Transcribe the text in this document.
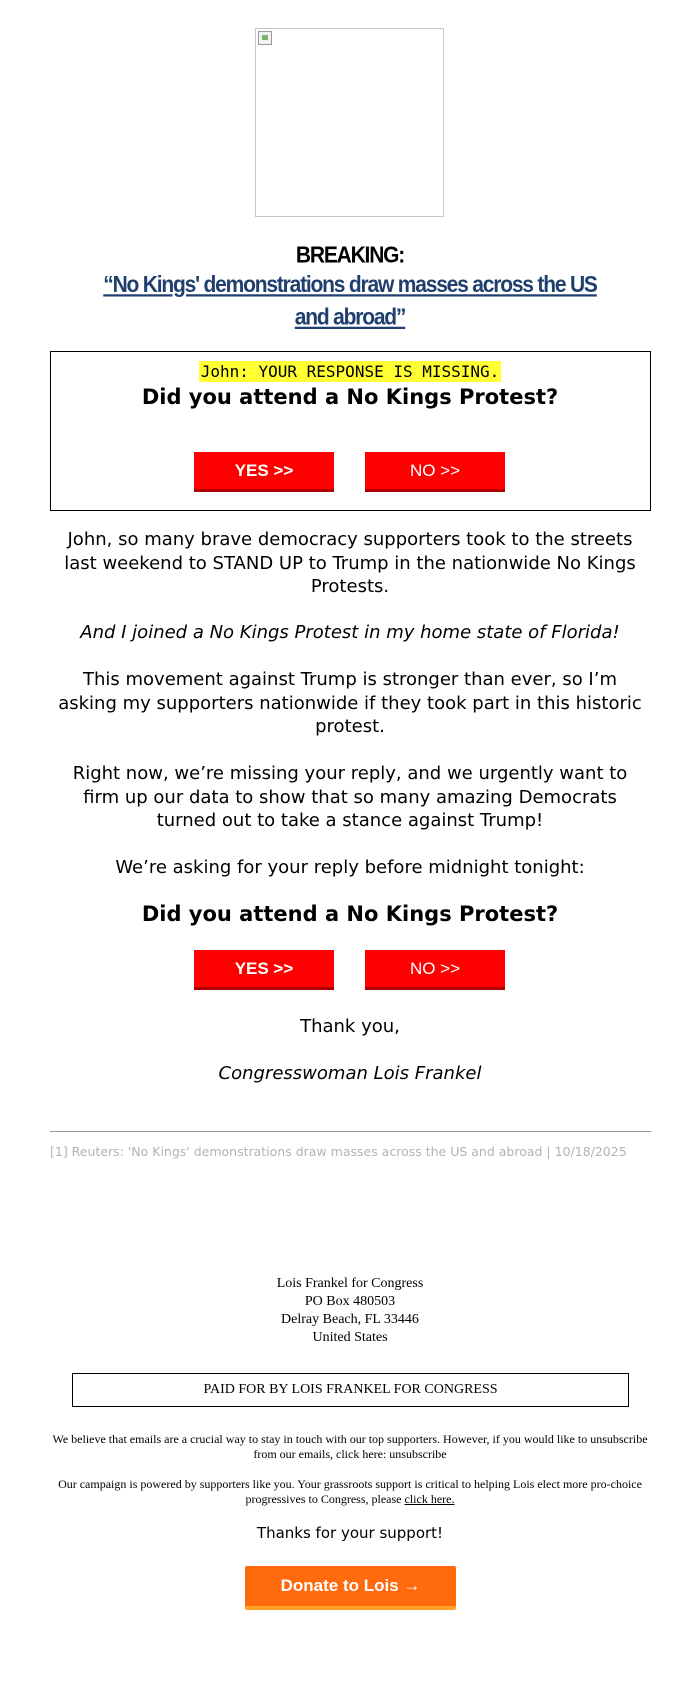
BREAKING:
“No Kings' demonstrations draw masses across the US and abroad”
John: YOUR RESPONSE IS MISSING.
Did you attend a No Kings Protest?
YES >>	NO >>
John, so many brave democracy supporters took to the streets last weekend to STAND UP to Trump in the nationwide No Kings Protests.
And I joined a No Kings Protest in my home state of Florida!
This movement against Trump is stronger than ever, so I’m asking my supporters nationwide if they took part in this historic protest.
Right now, we’re missing your reply, and we urgently want to firm up our data to show that so many amazing Democrats turned out to take a stance against Trump!
We’re asking for your reply before midnight tonight:
Did you attend a No Kings Protest?
YES >>	NO >>
Thank you,
Congresswoman Lois Frankel
[1] Reuters: 'No Kings' demonstrations draw masses across the US and abroad | 10/18/2025
Lois Frankel for Congress
PO Box 480503
Delray Beach, FL 33446
United States
PAID FOR BY LOIS FRANKEL FOR CONGRESS
We believe that emails are a crucial way to stay in touch with our top supporters. However, if you would like to unsubscribe from our emails, click here: unsubscribe
Our campaign is powered by supporters like you. Your grassroots support is critical to helping Lois elect more pro-choice progressives to Congress, please click here.
Thanks for your support!
Donate to Lois →
